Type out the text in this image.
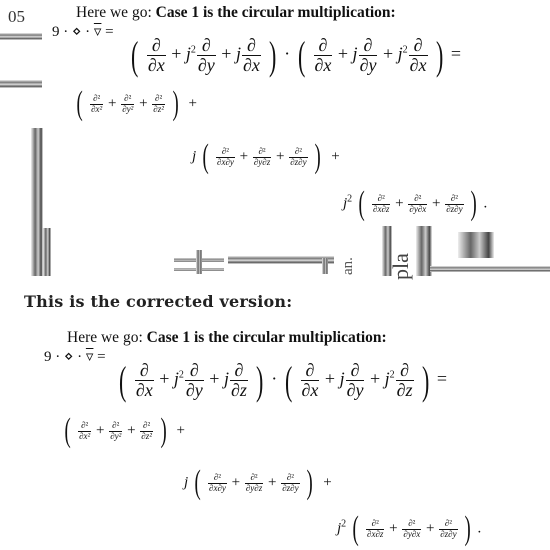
05	Here we go: Case 1 is the circular multiplication:
9 · ⋄ · ▿ =
( $\frac{\partial}{\partial x} + j^2 \frac{\partial}{\partial y} + j \frac{\partial}{\partial x}$ ) · ( $\frac{\partial}{\partial x} + j \frac{\partial}{\partial y} + j^2 \frac{\partial}{\partial x}$ ) =
( $\frac{\text{∂²}}{\text{∂x²}} + \frac{\text{∂²}}{\text{∂y²}} + \frac{\text{∂²}}{\text{∂z²}}$ )  +
j ( $\frac{\text{∂²}}{\partial x\partial y} + \frac{\text{∂²}}{\partial y\partial z} + \frac{\text{∂²}}{\partial z\partial y}$ )  +
$j^2$ ( $\frac{\text{∂²}}{\partial x\partial z} + \frac{\text{∂²}}{\partial y\partial x} + \frac{\text{∂²}}{\partial z\partial y}$ ) .
an. pla
This is the corrected version:
Here we go: Case 1 is the circular multiplication:
9 · ⋄ · ▿ =
( $\frac{\partial}{\partial x} + j^2 \frac{\partial}{\partial y} + j \frac{\partial}{\partial z}$ ) · ( $\frac{\partial}{\partial x} + j \frac{\partial}{\partial y} + j^2 \frac{\partial}{\partial z}$ ) =
( $\frac{\text{∂²}}{\text{∂x²}} + \frac{\text{∂²}}{\text{∂y²}} + \frac{\text{∂²}}{\text{∂z²}}$ )  +
j ( $\frac{\text{∂²}}{\partial x\partial y} + \frac{\text{∂²}}{\partial y\partial z} + \frac{\text{∂²}}{\partial z\partial y}$ )  +
$j^2$ ( $\frac{\text{∂²}}{\partial x\partial z} + \frac{\text{∂²}}{\partial y\partial x} + \frac{\text{∂²}}{\partial z\partial y}$ ) .
